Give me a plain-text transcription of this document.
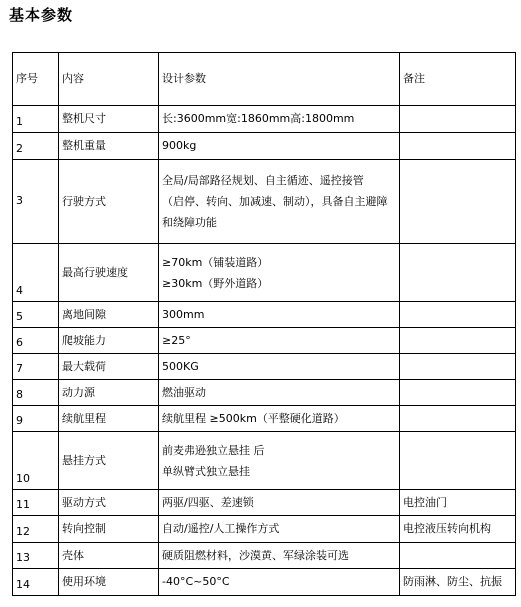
基本参数
序号	内容	设计参数	备注
1	整机尺寸	长:3600mm宽:1860mm高:1800mm	
2	整机重量	900kg	
3	行驶方式	全局/局部路径规划、自主循迹、遥控接管
（启停、转向、加减速、制动），具备自主避障
和绕障功能	
4	最高行驶速度	≥70km（铺装道路）
≥30km（野外道路）	
5	离地间隙	300mm	
6	爬坡能力	≥25°	
7	最大载荷	500KG	
8	动力源	燃油驱动	
9	续航里程	续航里程 ≥500km（平整硬化道路）	
10	悬挂方式	前麦弗逊独立悬挂 后
单纵臂式独立悬挂	
11	驱动方式	两驱/四驱、差速锁	电控油门
12	转向控制	自动/遥控/人工操作方式	电控液压转向机构
13	壳体	硬质阻燃材料，沙漠黄、军绿涂装可选	
14	使用环境	-40°C~50°C	防雨淋、防尘、抗振
